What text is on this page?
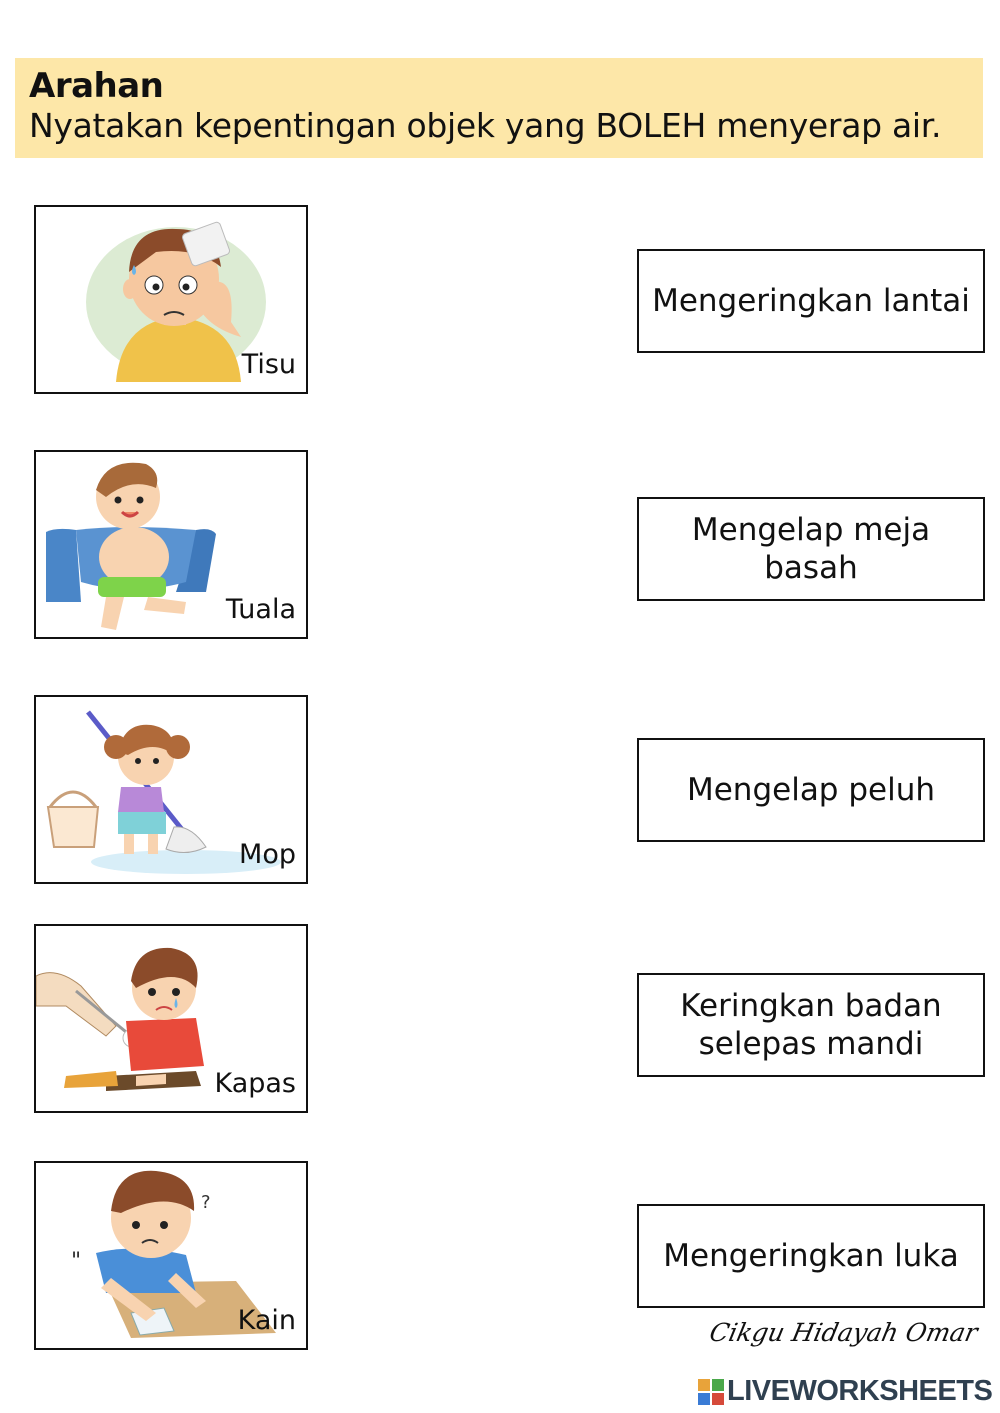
Arahan
Nyatakan kepentingan objek yang BOLEH menyerap air.
Tisu
Tuala
Mop
Kapas
"
?
Kain
Mengeringkan lantai
Mengelap meja
basah
Mengelap peluh
Keringkan badan
selepas mandi
Mengeringkan luka
Cikgu Hidayah Omar
LIVEWORKSHEETS
